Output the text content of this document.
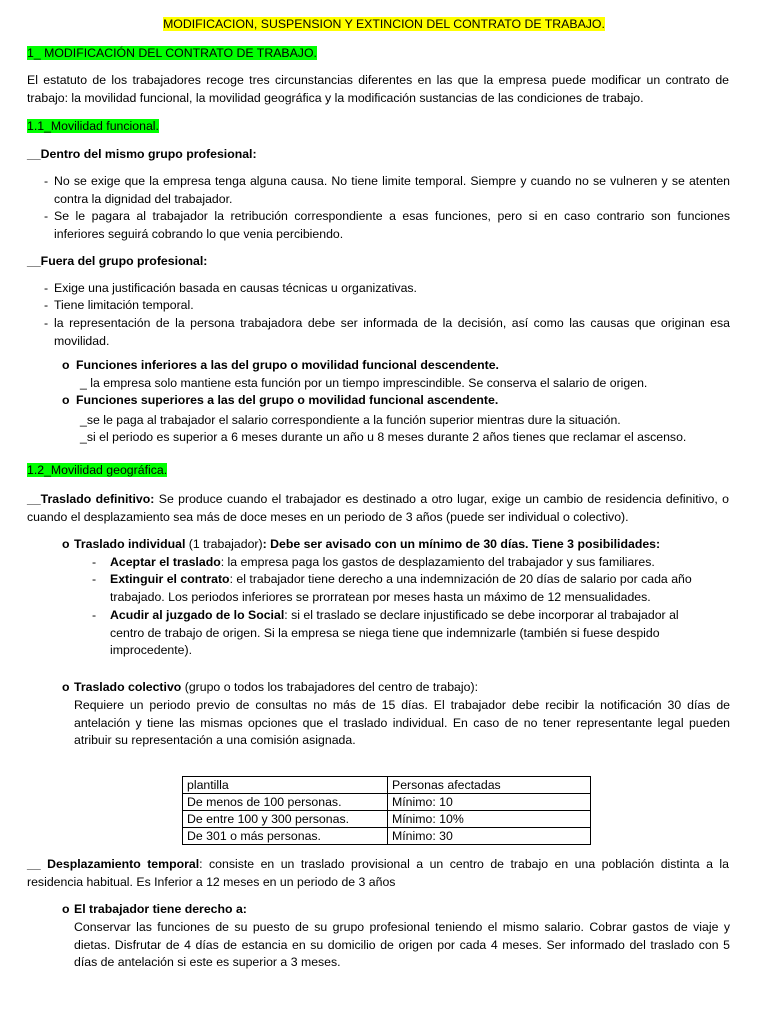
MODIFICACION, SUSPENSION Y EXTINCION DEL CONTRATO DE TRABAJO.
1_ MODIFICACIÓN DEL CONTRATO DE TRABAJO.
El estatuto de los trabajadores recoge tres circunstancias diferentes en las que la empresa puede modificar un contrato de trabajo: la movilidad funcional, la movilidad geográfica y la modificación sustancias de las condiciones de trabajo.
1.1_Movilidad funcional.
__Dentro del mismo grupo profesional:
- No se exige que la empresa tenga alguna causa. No tiene limite temporal. Siempre y cuando no se vulneren y se atenten contra la dignidad del trabajador.
- Se le pagara al trabajador la retribución correspondiente a esas funciones, pero si en caso contrario son funciones inferiores seguirá cobrando lo que venia percibiendo.
__Fuera del grupo profesional:
- Exige una justificación basada en causas técnicas u organizativas.
- Tiene limitación temporal.
- la representación de la persona trabajadora debe ser informada de la decisión, así como las causas que originan esa movilidad.
o Funciones inferiores a las del grupo o movilidad funcional descendente.
_ la empresa solo mantiene esta función por un tiempo imprescindible. Se conserva el salario de origen.
o Funciones superiores a las del grupo o movilidad funcional ascendente.
_se le paga al trabajador el salario correspondiente a la función superior mientras dure la situación.
_si el periodo es superior a 6 meses durante un año u 8 meses durante 2 años tienes que reclamar el ascenso.
1.2_Movilidad geográfica.
__Traslado definitivo: Se produce cuando el trabajador es destinado a otro lugar, exige un cambio de residencia definitivo, o cuando el desplazamiento sea más de doce meses en un periodo de 3 años (puede ser individual o colectivo).
o Traslado individual (1 trabajador): Debe ser avisado con un mínimo de 30 días. Tiene 3 posibilidades:
- Aceptar el traslado: la empresa paga los gastos de desplazamiento del trabajador y sus familiares.
- Extinguir el contrato: el trabajador tiene derecho a una indemnización de 20 días de salario por cada año trabajado. Los periodos inferiores se prorratean por meses hasta un máximo de 12 mensualidades.
- Acudir al juzgado de lo Social: si el traslado se declare injustificado se debe incorporar al trabajador al centro de trabajo de origen. Si la empresa se niega tiene que indemnizarle (también si fuese despido improcedente).
o Traslado colectivo (grupo o todos los trabajadores del centro de trabajo):
Requiere un periodo previo de consultas no más de 15 días. El trabajador debe recibir la notificación 30 días de antelación y tiene las mismas opciones que el traslado individual. En caso de no tener representante legal pueden atribuir su representación a una comisión asignada.
plantilla	Personas afectadas
De menos de 100 personas.	Mínimo: 10
De entre 100 y 300 personas.	Mínimo: 10%
De 301 o más personas.	Mínimo: 30
__ Desplazamiento temporal: consiste en un traslado provisional a un centro de trabajo en una población distinta a la residencia habitual. Es Inferior a 12 meses en un periodo de 3 años
o El trabajador tiene derecho a:
Conservar las funciones de su puesto de su grupo profesional teniendo el mismo salario. Cobrar gastos de viaje y dietas. Disfrutar de 4 días de estancia en su domicilio de origen por cada 4 meses. Ser informado del traslado con 5 días de antelación si este es superior a 3 meses.
